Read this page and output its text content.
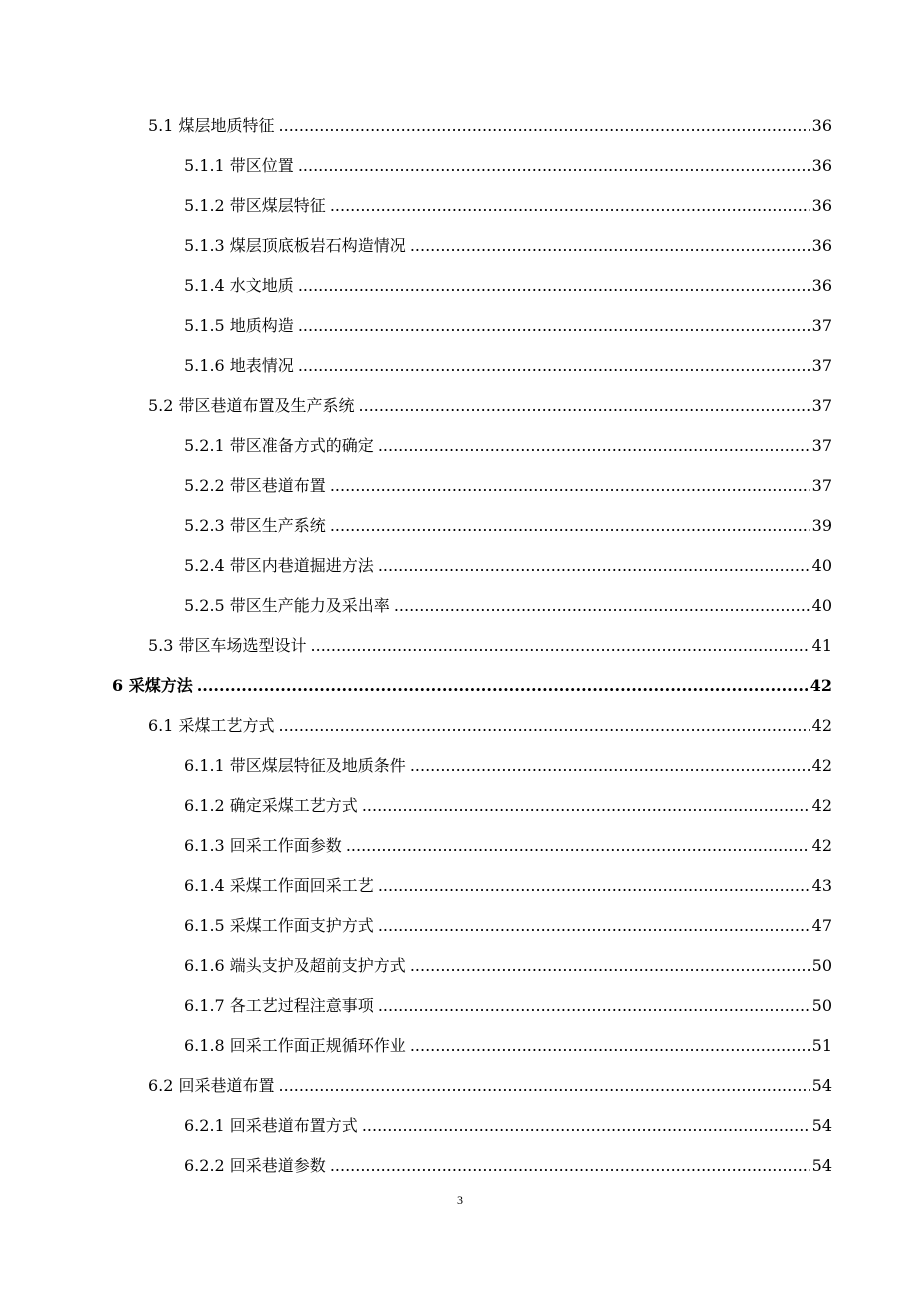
5.1 煤层地质特征 .....	36
5.1.1 带区位置 .....	36
5.1.2 带区煤层特征 .....	36
5.1.3 煤层顶底板岩石构造情况 .....	36
5.1.4 水文地质 .....	36
5.1.5 地质构造 .....	37
5.1.6 地表情况 .....	37
5.2 带区巷道布置及生产系统 .....	37
5.2.1 带区准备方式的确定 .....	37
5.2.2 带区巷道布置 .....	37
5.2.3 带区生产系统 .....	39
5.2.4 带区内巷道掘进方法 .....	40
5.2.5 带区生产能力及采出率 .....	40
5.3 带区车场选型设计 .....	41
6 采煤方法 .....	42
6.1 采煤工艺方式 .....	42
6.1.1 带区煤层特征及地质条件 .....	42
6.1.2 确定采煤工艺方式 .....	42
6.1.3 回采工作面参数 .....	42
6.1.4 采煤工作面回采工艺 .....	43
6.1.5 采煤工作面支护方式 .....	47
6.1.6 端头支护及超前支护方式 .....	50
6.1.7 各工艺过程注意事项 .....	50
6.1.8 回采工作面正规循环作业 .....	51
6.2 回采巷道布置 .....	54
6.2.1 回采巷道布置方式 .....	54
6.2.2 回采巷道参数 .....	54
3
